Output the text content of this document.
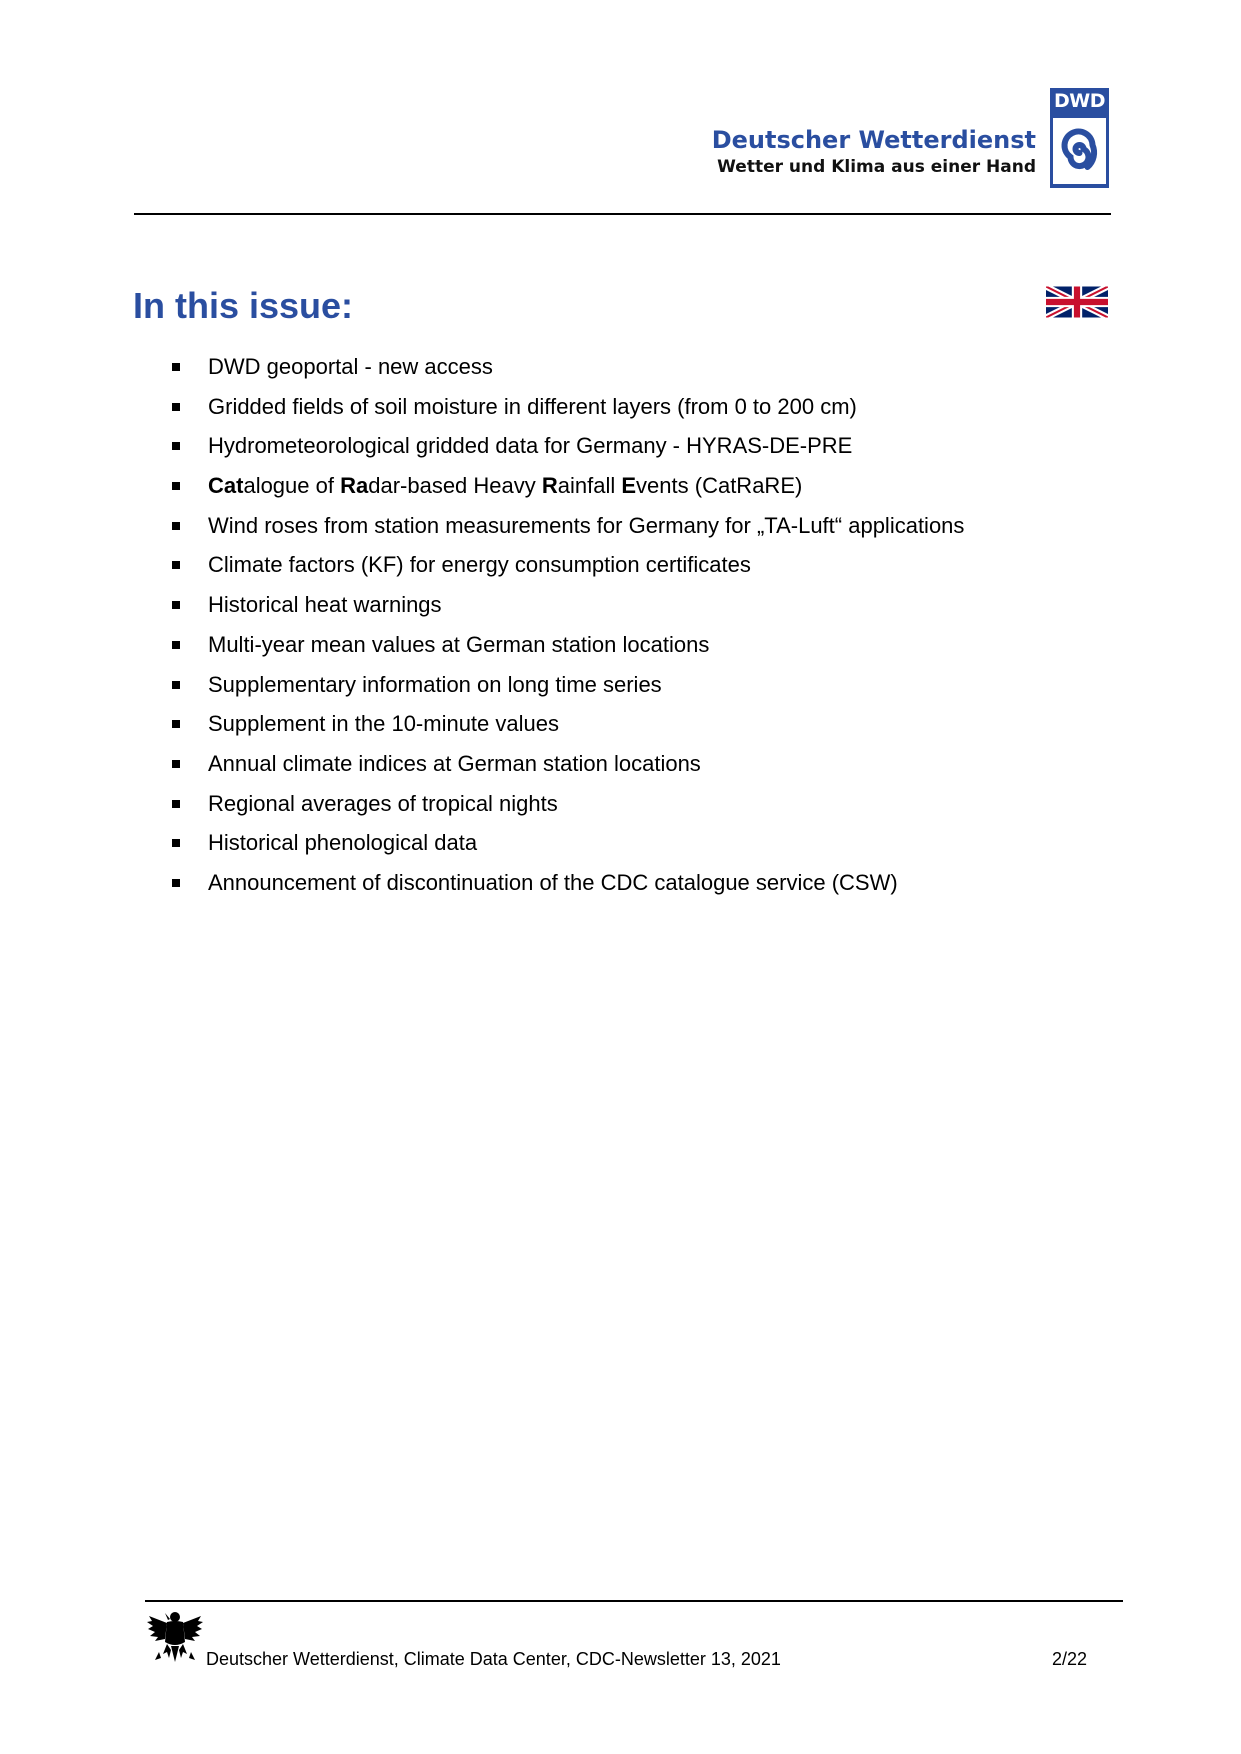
Deutscher Wetterdienst
Wetter und Klima aus einer Hand
DWD
In this issue:
DWD geoportal - new access
Gridded fields of soil moisture in different layers (from 0 to 200 cm)
Hydrometeorological gridded data for Germany - HYRAS-DE-PRE
Catalogue of Radar-based Heavy Rainfall Events (CatRaRE)
Wind roses from station measurements for Germany for „TA-Luft“ applications
Climate factors (KF) for energy consumption certificates
Historical heat warnings
Multi-year mean values at German station locations
Supplementary information on long time series
Supplement in the 10-minute values
Annual climate indices at German station locations
Regional averages of tropical nights
Historical phenological data
Announcement of discontinuation of the CDC catalogue service (CSW)
Deutscher Wetterdienst, Climate Data Center, CDC-Newsletter 13, 2021	2/22
